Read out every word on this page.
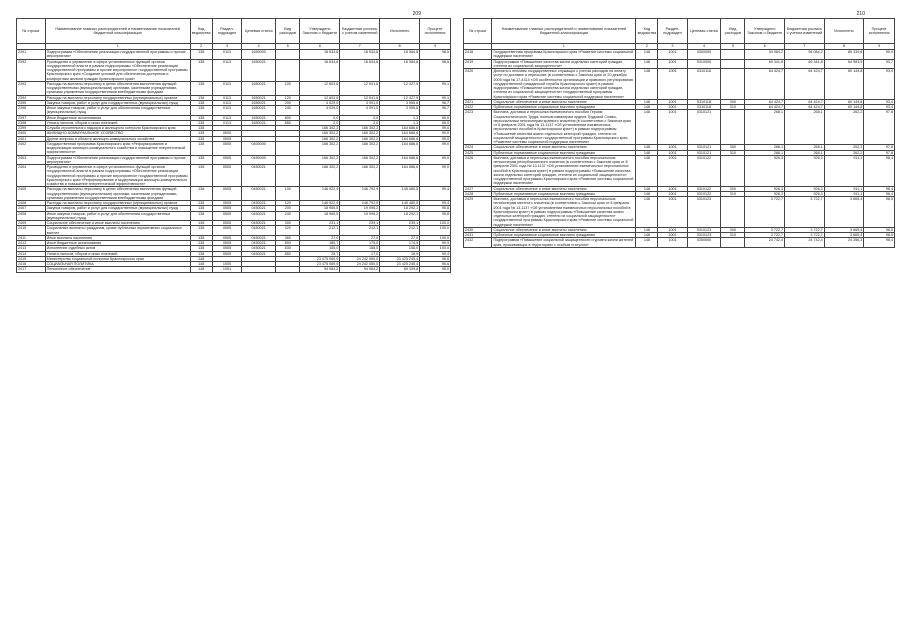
209
№ строки	Наименование главных распорядителей и наименование показателей бюджетной классификации	Код ведомства	Раздел-подраздел	Целевая статья	Вид расходов	Утверждено Законом о бюджете	Бюджетная роспись с учетом изменений	Исполнено	Процент исполнения
	1	2	3	4	5	6	7	8	9
2391	Подпрограмма «Обеспечение реализации государственной программы и прочие мероприятия»	138	0113	1650000		16 634,6	16 634,6	16 384,8	98,5
2392	Руководство и управление в сфере установленных функций органов государственной власти в рамках подпрограммы «Обеспечение реализации государственной программы и прочие мероприятия» государственной программы Красноярского края «Создание условий для обеспечения доступным и комфортным жильем граждан Красноярского края»	138	0113	1650021		16 634,6	16 634,6	16 384,8	98,5
2393	Расходы на выплаты персоналу в целях обеспечения выполнения функций государственными (муниципальными) органами, казенными учреждениями, органами управления государственными внебюджетными фондами	138	0113	1650021	100	12 603,6	12 541,6	12 427,9	99,1
2394	Расходы на выплаты персоналу государственных (муниципальных) органов	138	0113	1650021	120	12 603,6	12 541,6	12 427,9	99,1
2395	Закупка товаров, работ и услуг для государственных (муниципальных) нужд	138	0113	1650021	200	4 029,0	4 091,0	3 955,6	96,7
2396	Иные закупки товаров, работ и услуг для обеспечения государственных (муниципальных) нужд	138	0113	1650021	240	4 029,0	4 091,0	3 955,6	96,7
2397	Иные бюджетные ассигнования	138	0113	1650021	800	2,0	2,0	1,3	65,0
2398	Уплата налогов, сборов и иных платежей	138	0113	1650021	850	2,0	2,0	1,3	65,0
2399	Служба строительного надзора и жилищного контроля Красноярского края	138				166 302,2	166 302,2	164 686,6	99,0
2400	ЖИЛИЩНО-КОММУНАЛЬНОЕ ХОЗЯЙСТВО	138	0500			166 302,2	166 302,2	164 686,6	99,0
2401	Другие вопросы в области жилищно-коммунального хозяйства	138	0505			166 302,2	166 302,2	164 686,6	99,0
2402	Государственная программа Красноярского края «Реформирование и модернизация жилищно-коммунального хозяйства и повышение энергетической эффективности»	138	0505	0400000		166 302,2	166 302,2	164 686,6	99,0
2403	Подпрограмма «Обеспечение реализации государственной программы и прочие мероприятия»	138	0505	0450000		166 302,2	166 302,2	164 686,6	99,0
2404	Руководство и управление в сфере установленных функций органов государственной власти в рамках подпрограммы «Обеспечение реализации государственной программы и прочие мероприятия» государственной программы Красноярского края «Реформирование и модернизация жилищно-коммунального хозяйства и повышение энергетической эффективности»	138	0505	0450021		166 302,2	166 302,2	164 686,6	99,0
2405	Расходы на выплаты персоналу в целях обеспечения выполнения функций государственными (муниципальными) органами, казенными учреждениями, органами управления государственными внебюджетными фондами	138	0505	0450021	100	146 922,9	146 792,9	145 480,5	99,4
2406	Расходы на выплаты персоналу государственных (муниципальных) органов	138	0505	0450021	120	146 922,9	146 792,9	145 480,5	99,4
2407	Закупка товаров, работ и услуг для государственных (муниципальных) нужд	138	0505	0450021	200	18 965,5	19 095,2	18 292,1	95,8
2408	Иные закупки товаров, работ и услуг для обеспечения государственных (муниципальных) нужд	138	0505	0450021	240	18 965,5	19 095,2	18 292,1	95,8
2409	Социальное обеспечение и иные выплаты населению	138	0505	0450021	300	231,1	239,1	239,1	100,0
2410	Социальные выплаты гражданам, кроме публичных нормативных социальных выплат	138	0505	0450021	320	212,1	212,1	212,1	100,0
2411	Иные выплаты населению	138	0505	0450021	360	27,0	27,0	27,0	100,0
2412	Иные бюджетные ассигнования	138	0505	0450021	800	180,7	175,0	174,9	99,9
2413	Исполнение судебных актов	138	0505	0450021	830	155,0	158,0	158,0	100,0
2414	Уплата налогов, сборов и иных платежей	138	0505	0450021	850	25,7	17,0	16,9	99,4
2415	Министерство социальной политики Красноярского края	148				23 475 069,9	24 242 550,0	23 425 245,4	96,6
2416	СОЦИАЛЬНАЯ ПОЛИТИКА	148	1000			23 475 069,9	24 242 550,0	23 425 245,4	96,6
2417	Пенсионное обеспечение	148	1001			94 084,2	94 084,2	89 339,8	95,0
210
№ строки	Наименование главных распорядителей и наименование показателей бюджетной классификации	Код ведомства	Раздел-подраздел	Целевая статья	Вид расходов	Утверждено Законом о бюджете	Бюджетная роспись с учетом изменений	Исполнено	Процент исполнения
	1	2	3	4	5	6	7	8	9
2418	Государственная программа Красноярского края «Развитие системы социальной поддержки населения»	148	1001	0300000		94 084,2	94 084,2	89 339,8	95,0
2419	Подпрограмма «Повышение качества жизни отдельных категорий граждан, степени их социальной защищенности»	148	1001	0310000		69 341,8	69 341,8	64 983,5	93,7
2420	Доплаты к пенсиям государственных служащих с учетом расходов на оплату услуг по доставке и пересылке (в соответствии с Законом края от 20 декабря 2005 года № 17-4314 «Об особенностях организации и правового регулирования государственной гражданской службы Красноярского края») в рамках подпрограммы «Повышение качества жизни отдельных категорий граждан, степени их социальной защищенности» государственной программы Красноярского края «Развитие системы социальной поддержки населения»	148	1001	0310118		64 424,7	64 424,7	60 144,8	93,4
2421	Социальное обеспечение и иные выплаты населению	148	1001	0310118	300	64 424,7	64 424,7	60 144,8	93,4
2422	Публичные нормативные социальные выплаты гражданам	148	1001	0310118	310	64 424,7	64 424,7	60 144,8	93,4
2423	Выплата, доставка и пересылка ежемесячного пособия Героям Социалистического Труда, полным кавалерам ордена Трудовой Славы, персональным пенсионерам краевого значения (в соответствии с Законом края от 8 февраля 2001 года № 13-1137 «Об установлении ежемесячных персональных пособий в Красноярском крае») в рамках подпрограммы «Повышение качества жизни отдельных категорий граждан, степени их социальной защищенности» государственной программы Красноярского края «Развитие системы социальной поддержки населения»	148	1001	0310121		268,1	268,1	262,2	97,8
2424	Социальное обеспечение и иные выплаты населению	148	1001	0310121	300	268,1	268,1	262,2	97,8
2425	Публичные нормативные социальные выплаты гражданам	148	1001	0310121	310	268,1	268,1	262,2	97,8
2426	Выплата, доставка и пересылка ежемесячного пособия персональным пенсионерам республиканского значения (в соответствии с Законом края от 8 февраля 2001 года № 13-1137 «Об установлении ежемесячных персональных пособий в Красноярском крае») в рамках подпрограммы «Повышение качества жизни отдельных категорий граждан, степени их социальной защищенности» государственной программы Красноярского края «Развитие системы социальной поддержки населения»	148	1001	0310122		926,3	926,3	911,1	98,4
2427	Социальное обеспечение и иные выплаты населению	148	1001	0310122	300	926,3	926,3	911,1	98,4
2428	Публичные нормативные социальные выплаты гражданам	148	1001	0310122	310	926,3	926,3	911,1	98,4
2429	Выплата, доставка и пересылка ежемесячного пособия персональным пенсионерам местного значения (в соответствии с Законом края от 8 февраля 2001 года № 13-1137 «Об установлении ежемесячных персональных пособий в Красноярском крае») в рамках подпрограммы «Повышение качества жизни отдельных категорий граждан, степени их социальной защищенности» государственной программы Красноярского края «Развитие системы социальной поддержки населения»	148	1001	0310123		3 722,7	3 722,7	3 665,4	98,5
2430	Социальное обеспечение и иные выплаты населению	148	1001	0310123	300	3 722,7	3 722,7	3 665,4	98,5
2431	Публичные нормативные социальные выплаты гражданам	148	1001	0310123	310	3 722,7	3 722,7	3 665,4	98,5
2432	Подпрограмма «Повышение социальной защищенности и уровня жизни жителей края, проживающих в территориях с особым статусом»	148	1001	0350000		24 742,4	24 742,4	24 356,3	98,4
